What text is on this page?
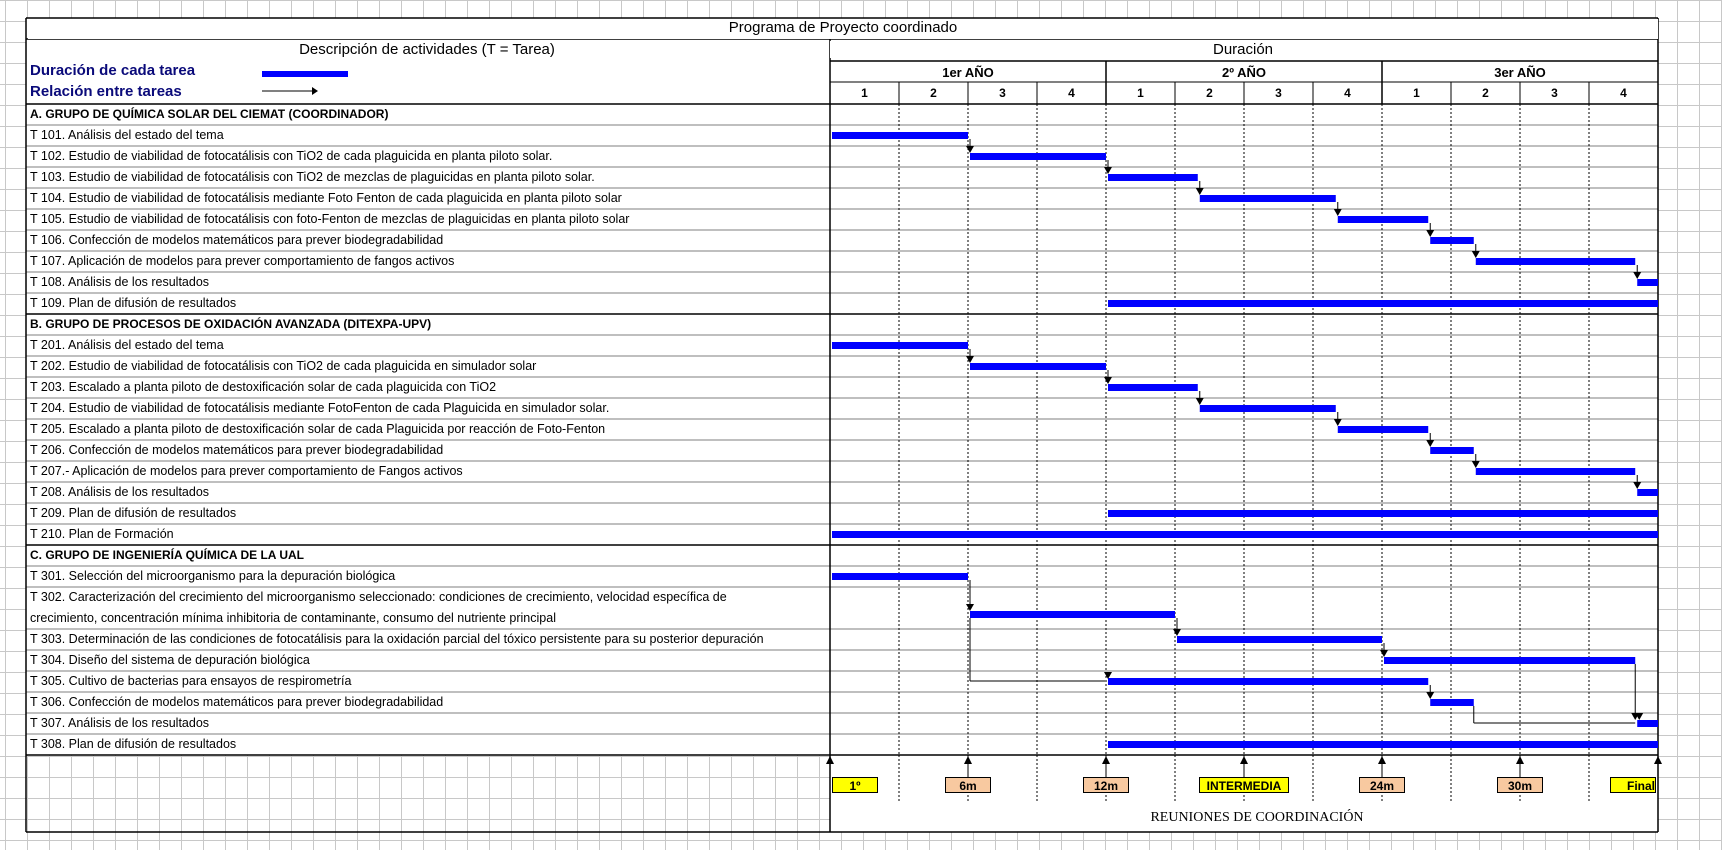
Programa de Proyecto coordinado
Descripción de actividades (T = Tarea)	Duración
Duración de cada tarea
Relación entre tareas
1er AÑO	2º AÑO	3er AÑO
1	2	3	4	1	2	3	4	1	2	3	4
A. GRUPO DE QUÍMICA SOLAR DEL CIEMAT (COORDINADOR)
T 101. Análisis del estado del tema
T 102. Estudio de viabilidad de fotocatálisis con TiO2 de cada plaguicida en planta piloto solar.
T 103. Estudio de viabilidad de fotocatálisis con TiO2 de mezclas de plaguicidas en planta piloto solar.
T 104. Estudio de viabilidad de fotocatálisis mediante Foto Fenton de cada plaguicida en planta piloto solar
T 105. Estudio de viabilidad de fotocatálisis con foto-Fenton de mezclas de plaguicidas en planta piloto solar
T 106. Confección de modelos matemáticos para prever biodegradabilidad
T 107. Aplicación de modelos para prever comportamiento de fangos activos
T 108. Análisis de los resultados
T 109. Plan de difusión de resultados
B. GRUPO DE PROCESOS DE OXIDACIÓN AVANZADA (DITEXPA-UPV)
T 201. Análisis del estado del tema
T 202. Estudio de viabilidad de fotocatálisis con TiO2 de cada plaguicida en simulador solar
T 203. Escalado a planta piloto de destoxificación solar de cada plaguicida con TiO2
T 204. Estudio de viabilidad de fotocatálisis mediante FotoFenton de cada Plaguicida en simulador solar.
T 205. Escalado a planta piloto de destoxificación solar de cada Plaguicida por reacción de Foto-Fenton
T 206. Confección de modelos matemáticos para prever biodegradabilidad
T 207.- Aplicación de modelos para prever comportamiento de Fangos activos
T 208. Análisis de los resultados
T 209. Plan de difusión de resultados
T 210. Plan de Formación
C. GRUPO DE INGENIERÍA QUÍMICA DE LA UAL
T 301. Selección del microorganismo para la depuración biológica
T 302. Caracterización del crecimiento del microorganismo seleccionado: condiciones de crecimiento, velocidad específica de
crecimiento, concentración mínima inhibitoria de contaminante, consumo del nutriente principal
T 303. Determinación de las condiciones de fotocatálisis para la oxidación parcial del tóxico persistente para su posterior depuración
T 304. Diseño del sistema de depuración biológica
T 305. Cultivo de bacterias para ensayos de respirometría
T 306. Confección de modelos matemáticos para prever biodegradabilidad
T 307. Análisis de los resultados
T 308. Plan de difusión de resultados
1º	6m	12m	INTERMEDIA	24m	30m	Final
REUNIONES DE COORDINACIÓN
